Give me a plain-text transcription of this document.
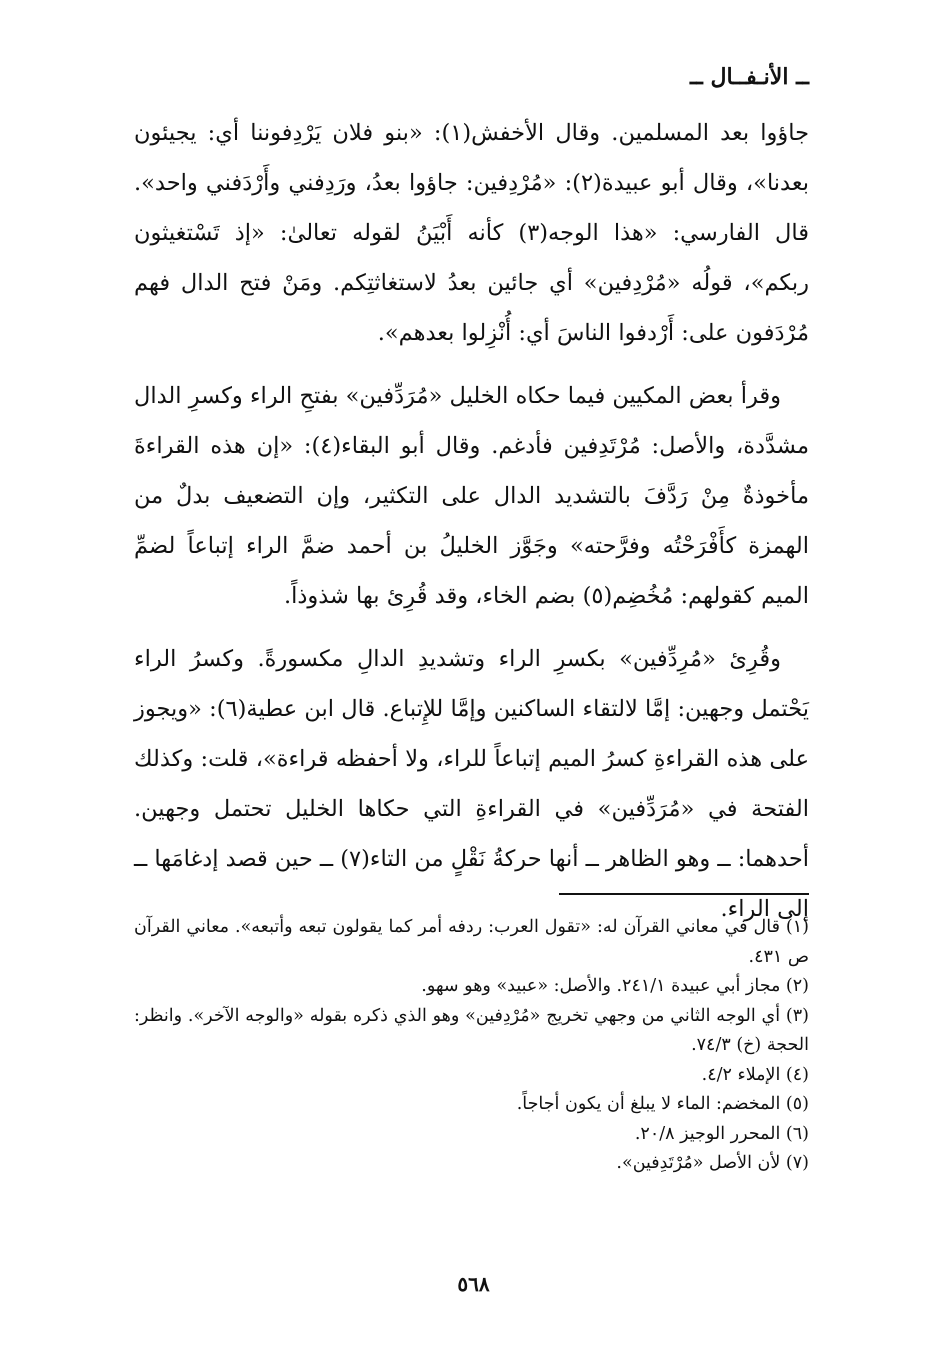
ــ الأنـفــال ــ

جاؤوا بعد المسلمين. وقال الأخفش(١): «بنو فلان يَرْدِفوننا أي: يجيئون بعدنا»، وقال أبو عبيدة(٢): «مُرْدِفين: جاؤوا بعدُ، ورَدِفني وأَرْدَفني واحد». قال الفارسي: «هذا الوجه(٣) كأنه أَبْيَنُ لقوله تعالىٰ: «إذ تَسْتغيثون ربكم»، قولُه «مُرْدِفين» أي جائين بعدُ لاستغاثتِكم. ومَنْ فتح الدال فهم مُرْدَفون على: أَرْدفوا الناسَ أي: أُنْزِلوا بعدهم».

وقرأ بعض المكيين فيما حكاه الخليل «مُرَدِّفين» بفتحِ الراء وكسرِ الدال مشدَّدة، والأصل: مُرْتَدِفين فأدغم. وقال أبو البقاء(٤): «إن هذه القراءةَ مأخوذةٌ مِنْ رَدَّفَ بالتشديد الدال على التكثير، وإن التضعيف بدلٌ من الهمزة كأَفْرَحْتُه وفرَّحته» وجَوَّز الخليلُ بن أحمد ضمَّ الراء إتباعاً لضمِّ الميم كقولهم: مُخُضِم(٥) بضم الخاء، وقد قُرِئ بها شذوذاً.

وقُرِئ «مُرِدِّفين» بكسرِ الراء وتشديدِ الدالِ مكسورةً. وكسرُ الراء يَحْتمل وجهين: إمَّا لالتقاء الساكنين وإمَّا للإِتباع. قال ابن عطية(٦): «ويجوز على هذه القراءةِ كسرُ الميم إتباعاً للراء، ولا أحفظه قراءة»، قلت: وكذلك الفتحة في «مُرَدِّفين» في القراءةِ التي حكاها الخليل تحتمل وجهين. أحدهما: ــ وهو الظاهر ــ أنها حركةُ نَقْلٍ من التاء(٧) ــ حين قصد إدغامَها ــ إلى الراء.

(١) قال في معاني القرآن له: «تقول العرب: ردفه أمر كما يقولون تبعه وأتبعه». معاني القرآن ص ٤٣١.
(٢) مجاز أبي عبيدة ٢٤١/١. والأصل: «عبيد» وهو سهو.
(٣) أي الوجه الثاني من وجهي تخريج «مُرْدِفين» وهو الذي ذكره بقوله «والوجه الآخر». وانظر: الحجة (خ) ٧٤/٣.
(٤) الإملاء ٤/٢.
(٥) المخضم: الماء لا يبلغ أن يكون أجاجاً.
(٦) المحرر الوجيز ٢٠/٨.
(٧) لأن الأصل «مُرْتَدِفين».
٥٦٨
